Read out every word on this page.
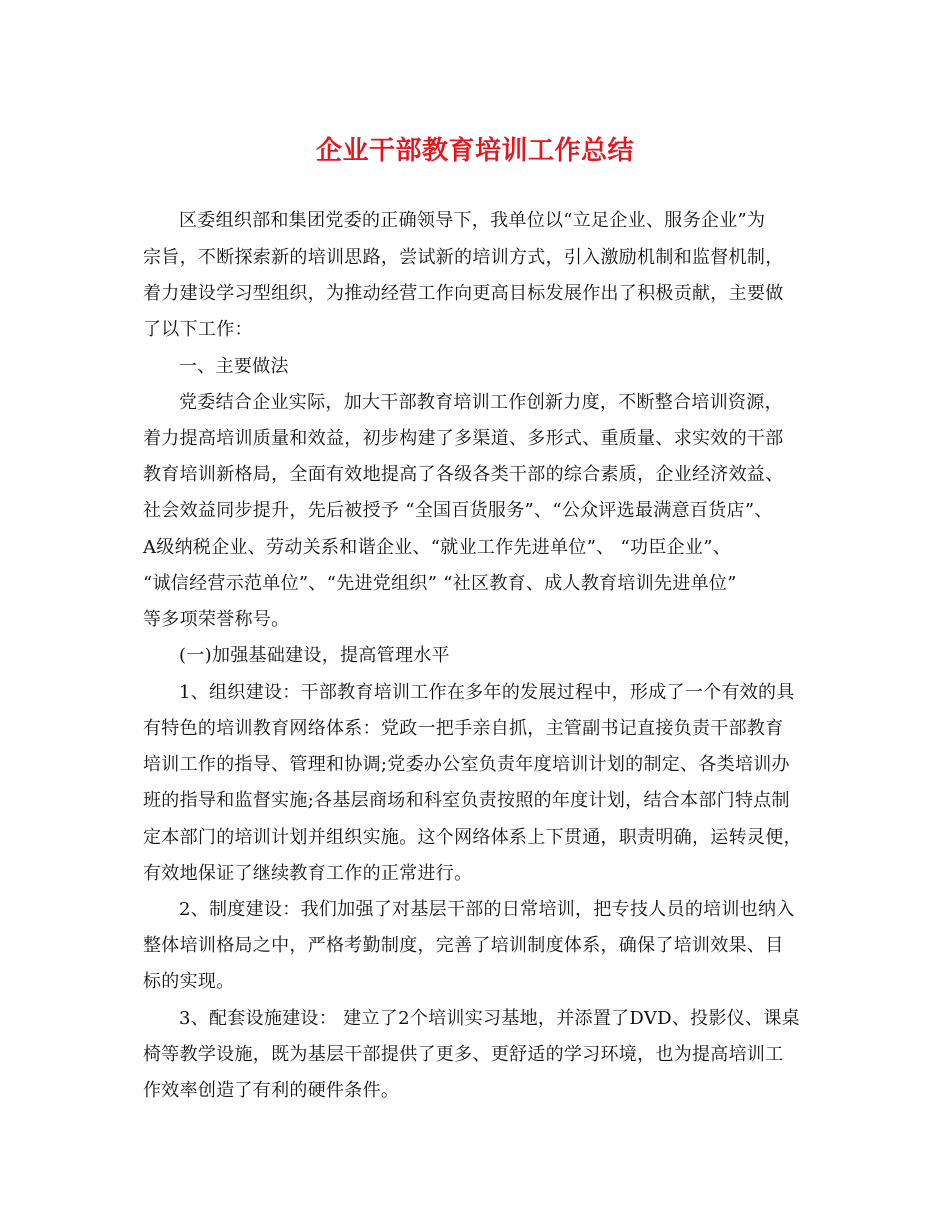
企业干部教育培训工作总结
区委组织部和集团党委的正确领导下，我单位以“立足企业、服务企业”为
宗旨，不断探索新的培训思路，尝试新的培训方式，引入激励机制和监督机制，
着力建设学习型组织，为推动经营工作向更高目标发展作出了积极贡献，主要做
了以下工作：
一、主要做法
党委结合企业实际，加大干部教育培训工作创新力度，不断整合培训资源，
着力提高培训质量和效益，初步构建了多渠道、多形式、重质量、求实效的干部
教育培训新格局，全面有效地提高了各级各类干部的综合素质，企业经济效益、
社会效益同步提升，先后被授予 “全国百货服务”、“公众评选最满意百货店”、
A级纳税企业、劳动关系和谐企业、“就业工作先进单位”、 “功臣企业”、
“诚信经营示范单位”、“先进党组织” “社区教育、成人教育培训先进单位”
等多项荣誉称号。
(一)加强基础建设，提高管理水平
1、组织建设：干部教育培训工作在多年的发展过程中，形成了一个有效的具
有特色的培训教育网络体系：党政一把手亲自抓，主管副书记直接负责干部教育
培训工作的指导、管理和协调;党委办公室负责年度培训计划的制定、各类培训办
班的指导和监督实施;各基层商场和科室负责按照的年度计划，结合本部门特点制
定本部门的培训计划并组织实施。这个网络体系上下贯通，职责明确，运转灵便，
有效地保证了继续教育工作的正常进行。
2、制度建设：我们加强了对基层干部的日常培训，把专技人员的培训也纳入
整体培训格局之中，严格考勤制度，完善了培训制度体系，确保了培训效果、目
标的实现。
3、配套设施建设： 建立了2个培训实习基地，并添置了DVD、投影仪、课桌
椅等教学设施，既为基层干部提供了更多、更舒适的学习环境，也为提高培训工
作效率创造了有利的硬件条件。
